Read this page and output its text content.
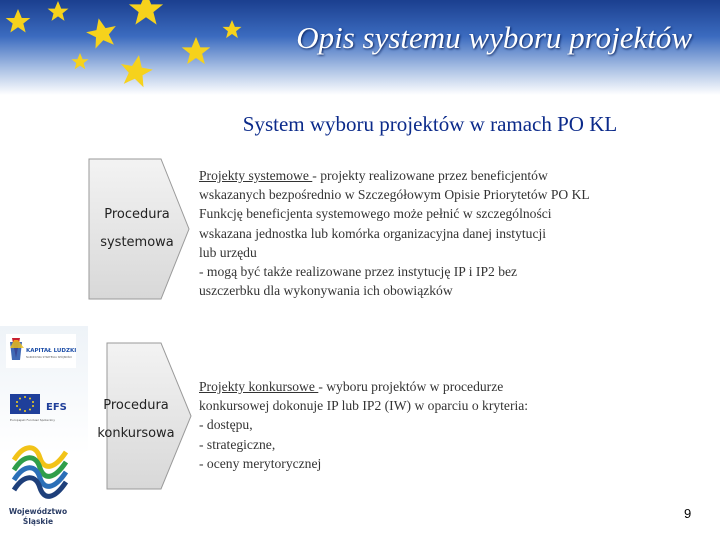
Opis systemu wyboru projektów
System wyboru projektów w ramach PO KL
Procedura
systemowa
Procedura
konkursowa
Projekty systemowe - projekty realizowane przez beneficjentów
wskazanych bezpośrednio w Szczegółowym Opisie Priorytetów PO KL
Funkcję beneficjenta systemowego może pełnić w szczególności
wskazana jednostka lub komórka organizacyjna danej instytucji
lub urzędu
- mogą być także realizowane przez instytucję IP i IP2 bez
uszczerbku dla wykonywania ich obowiązków
Projekty konkursowe - wyboru projektów w procedurze
konkursowej dokonuje IP lub IP2 (IW) w oparciu o kryteria:
- dostępu,
- strategiczne,
- oceny merytorycznej
KAPITAŁ LUDZKI
NARODOWA STRATEGIA SPÓJNOŚCI
EFS
Europejski Fundusz Społeczny
Województwo
Śląskie
9
